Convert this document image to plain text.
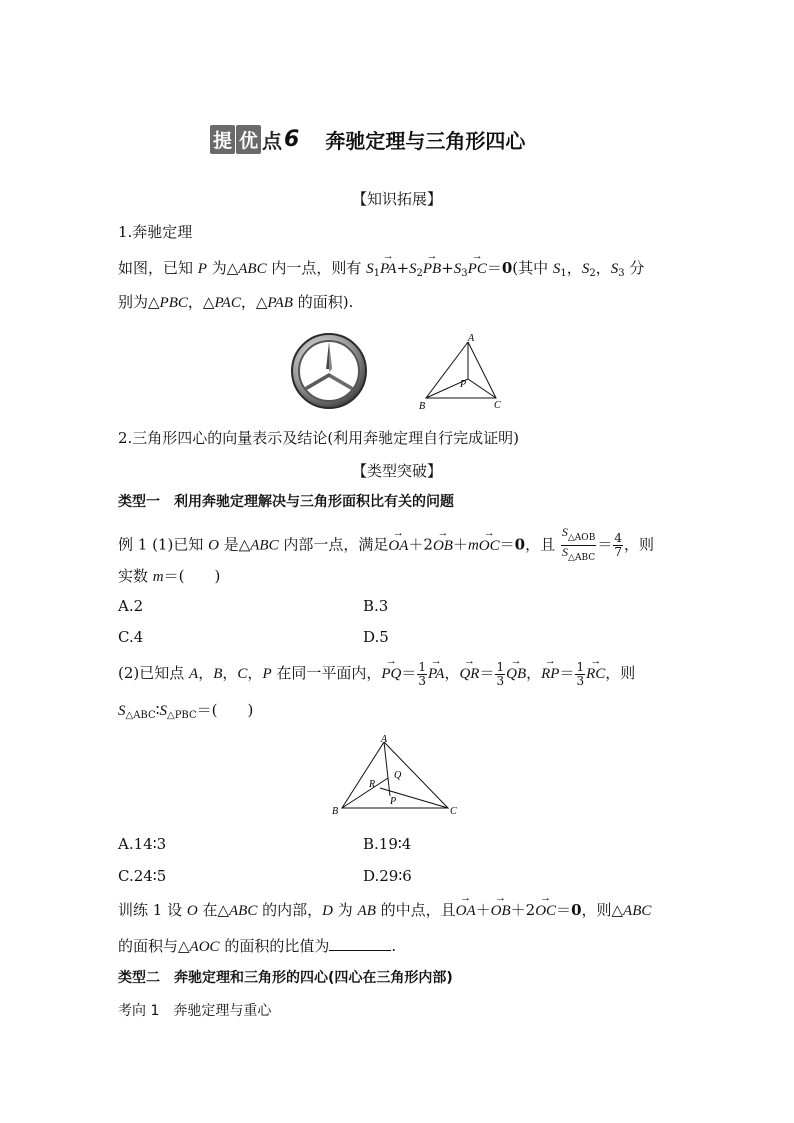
提 优 点 6 奔驰定理与三角形四心
【知识拓展】
1.奔驰定理
如图，已知 P 为△ABC 内一点，则有 $S_1\to PA+S_2\to PB+S_3\to PC=0$(其中 $S_1$，$S_2$，$S_3$ 分
别为△PBC，△PAC，△PAB 的面积).
A
B	C
P
2.三角形四心的向量表示及结论(利用奔驰定理自行完成证明)
【类型突破】
类型一　利用奔驰定理解决与三角形面积比有关的问题
例 1 (1)已知 O 是△ABC 内部一点，满足→ OA＋2→ OB＋m→ OC＝0，且 $\frac{S_{\triangle AOB}}{S_{\triangle ABC}} = \frac{4}{7}$ ，则
实数 m＝(　　)
A.2	B.3
C.4	D.5
(2)已知点 A，B，C，P 在同一平面内，→ $PQ= \frac{1}{3}$ → PA，→ $QR= \frac{1}{3}$ → QB，→ $RP= \frac{1}{3}$ → RC，则
$S_{\triangle ABC}∶S_{\triangle PBC}=$(　　)
A
B	C
P
Q
R
A.14∶3	B.19∶4
C.24∶5	D.29∶6
训练 1 设 O 在△ABC 的内部，D 为 AB 的中点，且→ OA＋→ OB＋2→ OC＝0，则△ABC
的面积与△AOC 的面积的比值为	.
类型二　奔驰定理和三角形的四心(四心在三角形内部)
考向 1　奔驰定理与重心
